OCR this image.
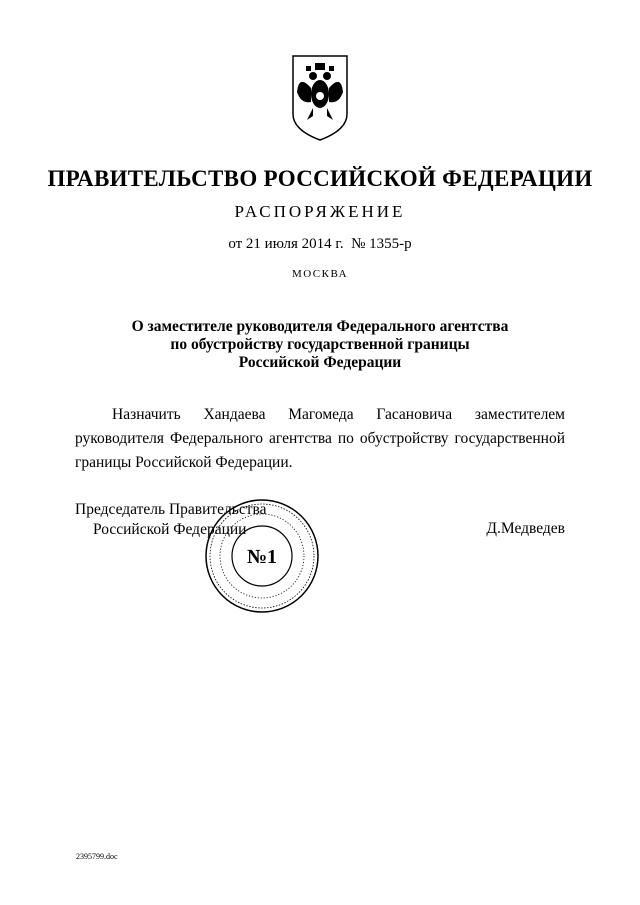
ПРАВИТЕЛЬСТВО РОССИЙСКОЙ ФЕДЕРАЦИИ
РАСПОРЯЖЕНИЕ
от 21 июля 2014 г.  № 1355-р
МОСКВА
О заместителе руководителя Федерального агентства
по обустройству государственной границы
Российской Федерации
Назначить Хандаева Магомеда Гасановича заместителем руководителя Федерального агентства по обустройству государственной границы Российской Федерации.
Председатель Правительства
Российской Федерации	Д.Медведев
№1
2395799.doc
